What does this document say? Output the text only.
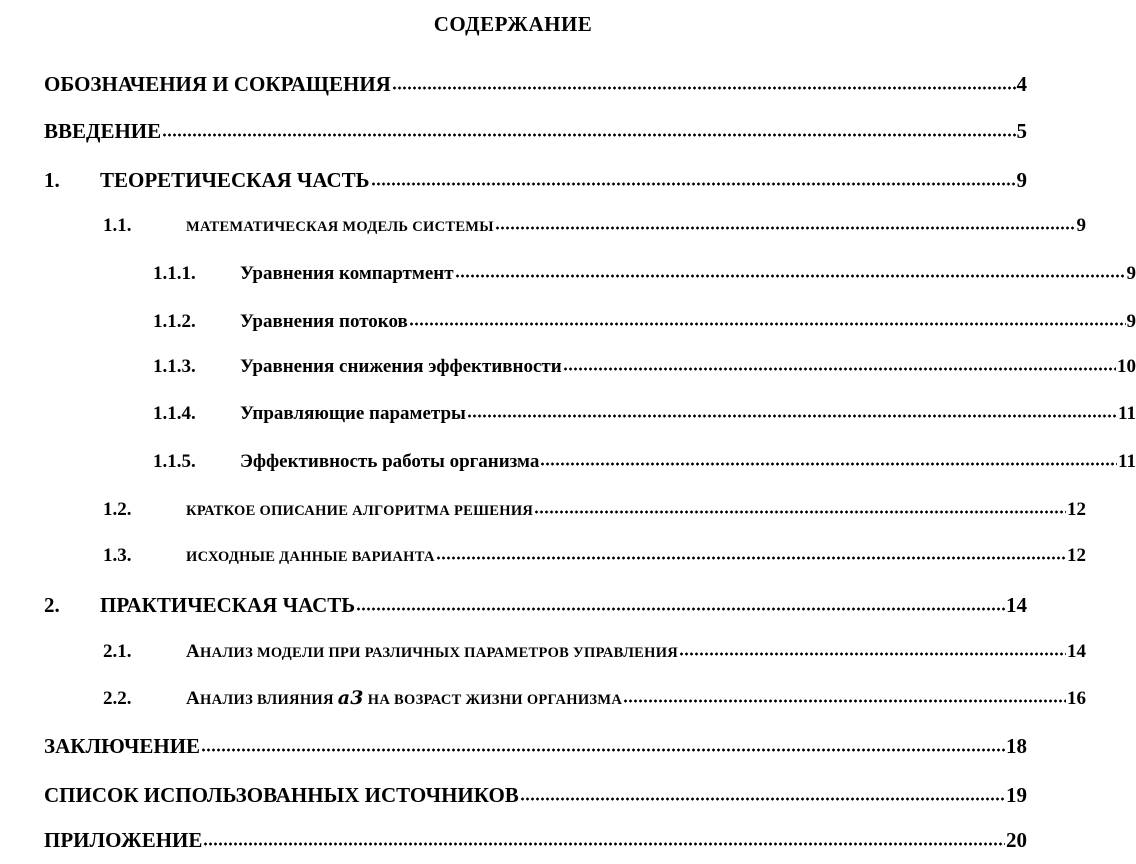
СОДЕРЖАНИЕ
ОБОЗНАЧЕНИЯ И СОКРАЩЕНИЯ	4
ВВЕДЕНИЕ	5
1.	ТЕОРЕТИЧЕСКАЯ ЧАСТЬ	9
1.1.	МАТЕМАТИЧЕСКАЯ МОДЕЛЬ СИСТЕМЫ	9
1.1.1.	Уравнения компартмент	9
1.1.2.	Уравнения потоков	9
1.1.3.	Уравнения снижения эффективности	10
1.1.4.	Управляющие параметры	11
1.1.5.	Эффективность работы организма	11
1.2.	КРАТКОЕ ОПИСАНИЕ АЛГОРИТМА РЕШЕНИЯ	12
1.3.	ИСХОДНЫЕ ДАННЫЕ ВАРИАНТА	12
2.	ПРАКТИЧЕСКАЯ ЧАСТЬ	14
2.1.	АНАЛИЗ МОДЕЛИ ПРИ РАЗЛИЧНЫХ ПАРАМЕТРОВ УПРАВЛЕНИЯ	14
2.2.	АНАЛИЗ ВЛИЯНИЯ a3 НА ВОЗРАСТ ЖИЗНИ ОРГАНИЗМА	16
ЗАКЛЮЧЕНИЕ	18
СПИСОК ИСПОЛЬЗОВАННЫХ ИСТОЧНИКОВ	19
ПРИЛОЖЕНИЕ	20
